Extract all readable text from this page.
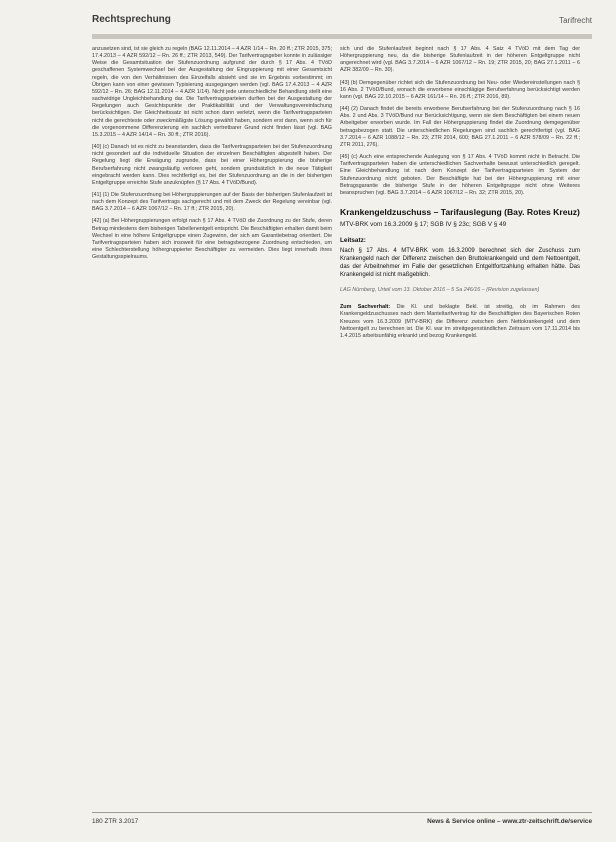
Rechtsprechung	Tarifrecht

anzusetzen sind, ist sie gleich zu regeln (BAG 12.11.2014 – 4 AZR 1/14 – Rn. 20 ff.; ZTR 2015, 375; 17.4.2013 – 4 AZR 592/12 – Rn. 26 ff.; ZTR 2013, 549). Der Tarifvertragsgeber konnte in zulässiger Weise die Gesamtsituation der Stufenzuordnung aufgrund der durch § 17 Abs. 4 TVöD geschaffenen Systemwechsel bei der Ausgestaltung der Eingruppierung mit einer Gesamtsicht regeln, die von den Verhältnissen des Einzelfalls absieht und sie im Ergebnis vorbestimmt; im Übrigen kann von einer gewissen Typisierung ausgegangen werden (vgl. BAG 17.4.2013 – 4 AZR 592/12 – Rn. 26; BAG 12.11.2014 – 4 AZR 1/14). Nicht jede unterschiedliche Behandlung stellt eine sachwidrige Ungleichbehandlung dar. Die Tarifvertragsparteien durften bei der Ausgestaltung der Regelungen auch Gesichtspunkte der Praktikabilität und der Verwaltungsvereinfachung berücksichtigen. Der Gleichheitssatz ist nicht schon dann verletzt, wenn die Tarifvertragsparteien nicht die gerechteste oder zweckmäßigste Lösung gewählt haben, sondern erst dann, wenn sich für die vorgenommene Differenzierung ein sachlich vertretbarer Grund nicht finden lässt (vgl. BAG 15.3.2015 – 4 AZR 14/14 – Rn. 30 ff.; ZTR 2016).

[40] (c) Danach ist es nicht zu beanstanden, dass die Tarifvertragsparteien bei der Stufenzuordnung nicht gesondert auf die individuelle Situation der einzelnen Beschäftigten abgestellt haben. Der Regelung liegt die Erwägung zugrunde, dass bei einer Höhergruppierung die bisherige Berufserfahrung nicht zwangsläufig verloren geht, sondern grundsätzlich in die neue Tätigkeit eingebracht werden kann. Dies rechtfertigt es, bei der Stufenzuordnung an die in der bisherigen Entgeltgruppe erreichte Stufe anzuknüpfen (§ 17 Abs. 4 TVöD/Bund).

[41] (1) Die Stufenzuordnung bei Höhergruppierungen auf der Basis der bisherigen Stufenlaufzeit ist nach dem Konzept des Tarifvertrags sachgerecht und mit dem Zweck der Regelung vereinbar (vgl. BAG 3.7.2014 – 6 AZR 1067/12 – Rn. 17 ff.; ZTR 2015, 20).

[42] (a) Bei Höhergruppierungen erfolgt nach § 17 Abs. 4 TVöD die Zuordnung zu der Stufe, deren Betrag mindestens dem bisherigen Tabellenentgelt entspricht. Die Beschäftigten erhalten damit beim Wechsel in eine höhere Entgeltgruppe einen Zugewinn, der sich am Garantiebetrag orientiert. Die Tarifvertragsparteien haben sich insoweit für eine betragsbezogene Zuordnung entschieden, um eine Schlechterstellung höhergruppierter Beschäftigter zu vermeiden. Dies liegt innerhalb ihres Gestaltungsspielraums.

sich und die Stufenlaufzeit beginnt nach § 17 Abs. 4 Satz 4 TVöD mit dem Tag der Höhergruppierung neu, da die bisherige Stufenlaufzeit in der höheren Entgeltgruppe nicht angerechnet wird (vgl. BAG 3.7.2014 – 6 AZR 1067/12 – Rn. 19; ZTR 2015, 20; BAG 27.1.2011 – 6 AZR 382/09 – Rn. 30).

[43] (b) Demgegenüber richtet sich die Stufenzuordnung bei Neu- oder Wiedereinstellungen nach § 16 Abs. 2 TVöD/Bund, wonach die erworbene einschlägige Berufserfahrung berücksichtigt werden kann (vgl. BAG 22.10.2015 – 6 AZR 161/14 – Rn. 26 ff.; ZTR 2016, 89).

[44] (2) Danach findet die bereits erworbene Berufserfahrung bei der Stufenzuordnung nach § 16 Abs. 2 und Abs. 3 TVöD/Bund nur Berücksichtigung, wenn sie dem Beschäftigten bei einem neuen Arbeitgeber erworben wurde. Im Fall der Höhergruppierung findet die Zuordnung demgegenüber betragsbezogen statt. Die unterschiedlichen Regelungen sind sachlich gerechtfertigt (vgl. BAG 3.7.2014 – 6 AZR 1088/12 – Rn. 23; ZTR 2014, 600; BAG 27.1.2011 – 6 AZR 578/09 – Rn. 22 ff.; ZTR 2011, 276).

[45] (c) Auch eine entsprechende Auslegung von § 17 Abs. 4 TVöD kommt nicht in Betracht. Die Tarifvertragsparteien haben die unterschiedlichen Sachverhalte bewusst unterschiedlich geregelt. Eine Gleichbehandlung ist nach dem Konzept der Tarifvertragsparteien im System der Stufenzuordnung nicht geboten. Der Beschäftigte hat bei der Höhergruppierung mit einer Betragsgarantie die bisherige Stufe in der höheren Entgeltgruppe nicht ohne Weiteres beanspruchen (vgl. BAG 3.7.2014 – 6 AZR 1067/12 – Rn. 32; ZTR 2015, 20).

Krankengeldzuschuss – Tarifauslegung (Bay. Rotes Kreuz)
MTV-BRK vom 16.3.2009 § 17; SGB IV § 23c; SGB V § 49
Leitsatz:
Nach § 17 Abs. 4 MTV-BRK vom 16.3.2009 berechnet sich der Zuschuss zum Krankengeld nach der Differenz zwischen den Bruttokrankengeld und dem Nettoentgelt, das der Arbeitnehmer im Falle der gesetzlichen Entgeltfortzahlung erhalten hätte. Das Krankengeld ist nicht maßgeblich.
LAG Nürnberg, Urteil vom 13. Oktober 2016 – 5 Sa 246/16 – (Revision zugelassen)

Zum Sachverhalt: Die Kl. und beklagte Bekl. ist streitig, ob im Rahmen des Krankengeldzuschusses nach dem Manteltarifvertrag für die Beschäftigten des Bayerischen Roten Kreuzes vom 16.3.2009 (MTV-BRK) die Differenz zwischen dem Nettokrankengeld und dem Nettoentgelt zu berechnen ist. Die Kl. war im streitgegenständlichen Zeitraum vom 17.11.2014 bis 1.4.2015 arbeitsunfähig erkrankt und bezog Krankengeld.

180 ZTR 3.2017	News & Service online – www.ztr-zeitschrift.de/service
